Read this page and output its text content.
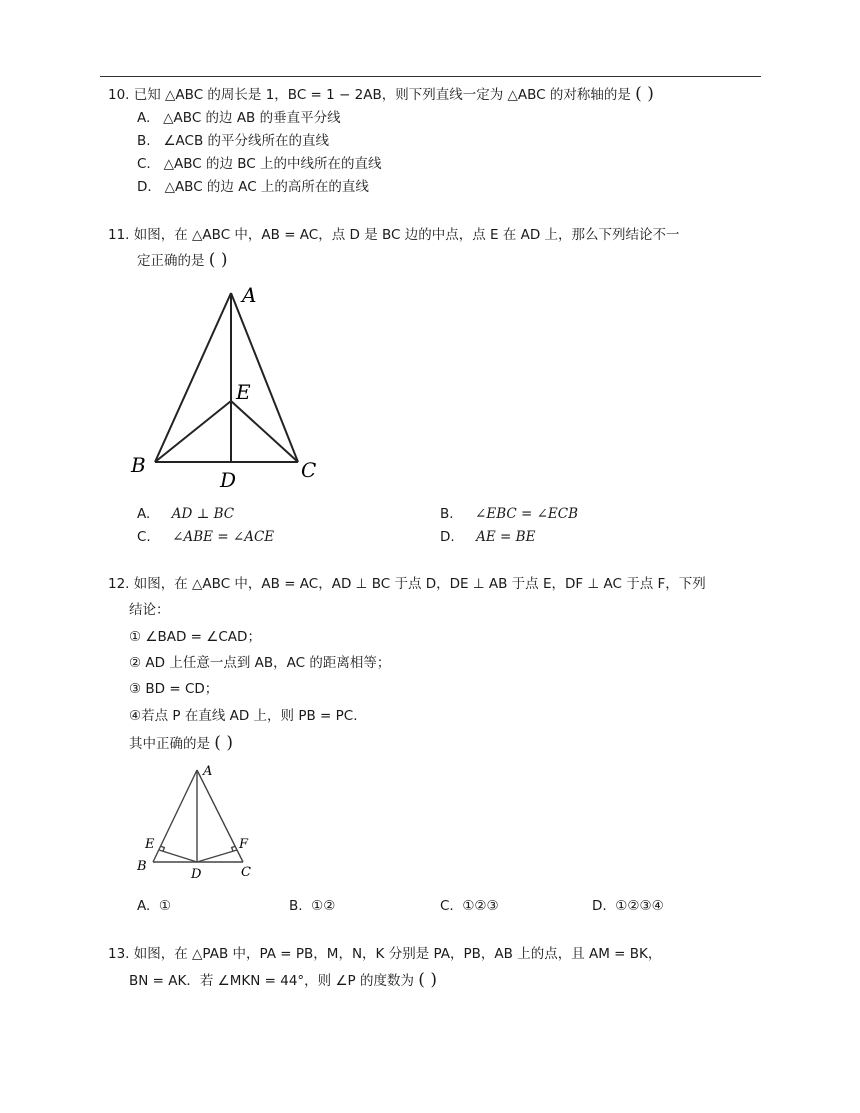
10. 已知 △ABC 的周长是 1，BC = 1 − 2AB，则下列直线一定为 △ABC 的对称轴的是 ( )
A. △ABC 的边 AB 的垂直平分线
B. ∠ACB 的平分线所在的直线
C. △ABC 的边 BC 上的中线所在的直线
D. △ABC 的边 AC 上的高所在的直线
11. 如图，在 △ABC 中，AB = AC，点 D 是 BC 边的中点，点 E 在 AD 上，那么下列结论不一
定正确的是 ( )
A
B	C
D
E
A. AD ⊥ BC	B. ∠EBC = ∠ECB
C. ∠ABE = ∠ACE	D. AE = BE
12. 如图，在 △ABC 中，AB = AC，AD ⊥ BC 于点 D，DE ⊥ AB 于点 E，DF ⊥ AC 于点 F，下列
结论：
① ∠BAD = ∠CAD；
② AD 上任意一点到 AB，AC 的距离相等；
③ BD = CD；
④若点 P 在直线 AD 上，则 PB = PC.
其中正确的是 ( )
A
B	C
D
E	F
A. ①	B. ①②	C. ①②③	D. ①②③④
13. 如图，在 △PAB 中，PA = PB，M，N，K 分别是 PA，PB，AB 上的点，且 AM = BK，
BN = AK．若 ∠MKN = 44°，则 ∠P 的度数为 ( )
